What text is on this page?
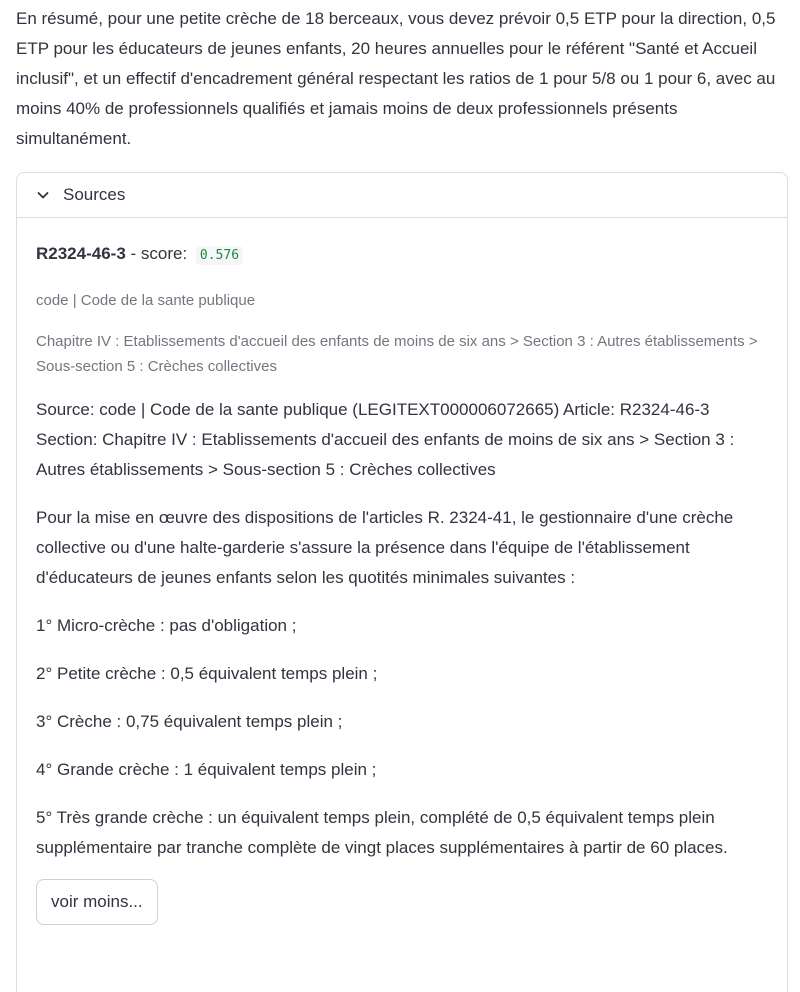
En résumé, pour une petite crèche de 18 berceaux, vous devez prévoir 0,5 ETP pour la direction, 0,5 ETP pour les éducateurs de jeunes enfants, 20 heures annuelles pour le référent "Santé et Accueil inclusif", et un effectif d'encadrement général respectant les ratios de 1 pour 5/8 ou 1 pour 6, avec au moins 40% de professionnels qualifiés et jamais moins de deux professionnels présents simultanément.

Sources
R2324-46-3 - score: 0.576

code | Code de la sante publique

Chapitre IV : Etablissements d'accueil des enfants de moins de six ans > Section 3 : Autres établissements > Sous-section 5 : Crèches collectives

Source: code | Code de la sante publique (LEGITEXT000006072665) Article: R2324-46-3 Section: Chapitre IV : Etablissements d'accueil des enfants de moins de six ans > Section 3 : Autres établissements > Sous-section 5 : Crèches collectives

Pour la mise en œuvre des dispositions de l'articles R. 2324-41, le gestionnaire d'une crèche collective ou d'une halte-garderie s'assure la présence dans l'équipe de l'établissement d'éducateurs de jeunes enfants selon les quotités minimales suivantes :

1° Micro-crèche : pas d'obligation ;

2° Petite crèche : 0,5 équivalent temps plein ;

3° Crèche : 0,75 équivalent temps plein ;

4° Grande crèche : 1 équivalent temps plein ;

5° Très grande crèche : un équivalent temps plein, complété de 0,5 équivalent temps plein supplémentaire par tranche complète de vingt places supplémentaires à partir de 60 places.

voir moins...
